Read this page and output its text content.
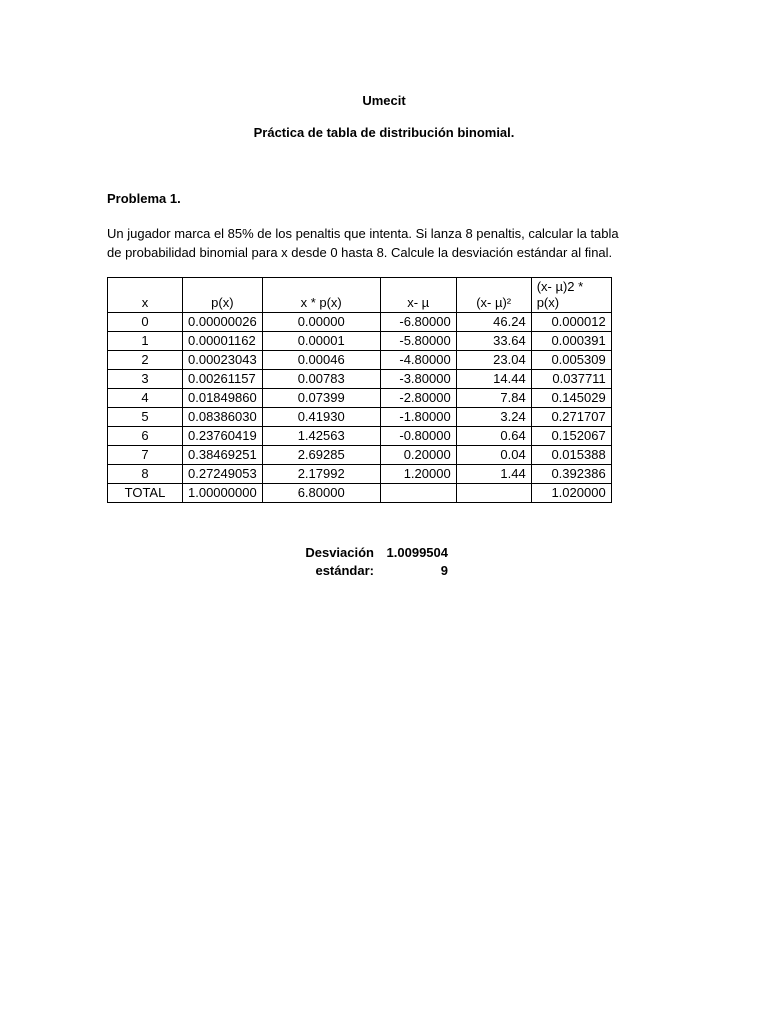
Umecit
Práctica de tabla de distribución binomial.
Problema 1.
Un jugador marca el 85% de los penaltis que intenta. Si lanza 8 penaltis, calcular la tabla de probabilidad binomial para x desde 0 hasta 8. Calcule la desviación estándar al final.
x	p(x)	x * p(x)	x- µ	(x- µ)²	(x- µ)2 *
p(x)
0	0.00000026	0.00000	-6.80000	46.24	0.000012
1	0.00001162	0.00001	-5.80000	33.64	0.000391
2	0.00023043	0.00046	-4.80000	23.04	0.005309
3	0.00261157	0.00783	-3.80000	14.44	0.037711
4	0.01849860	0.07399	-2.80000	7.84	0.145029
5	0.08386030	0.41930	-1.80000	3.24	0.271707
6	0.23760419	1.42563	-0.80000	0.64	0.152067
7	0.38469251	2.69285	0.20000	0.04	0.015388
8	0.27249053	2.17992	1.20000	1.44	0.392386
TOTAL	1.00000000	6.80000			1.020000
Desviación
estándar:
1.0099504
9
